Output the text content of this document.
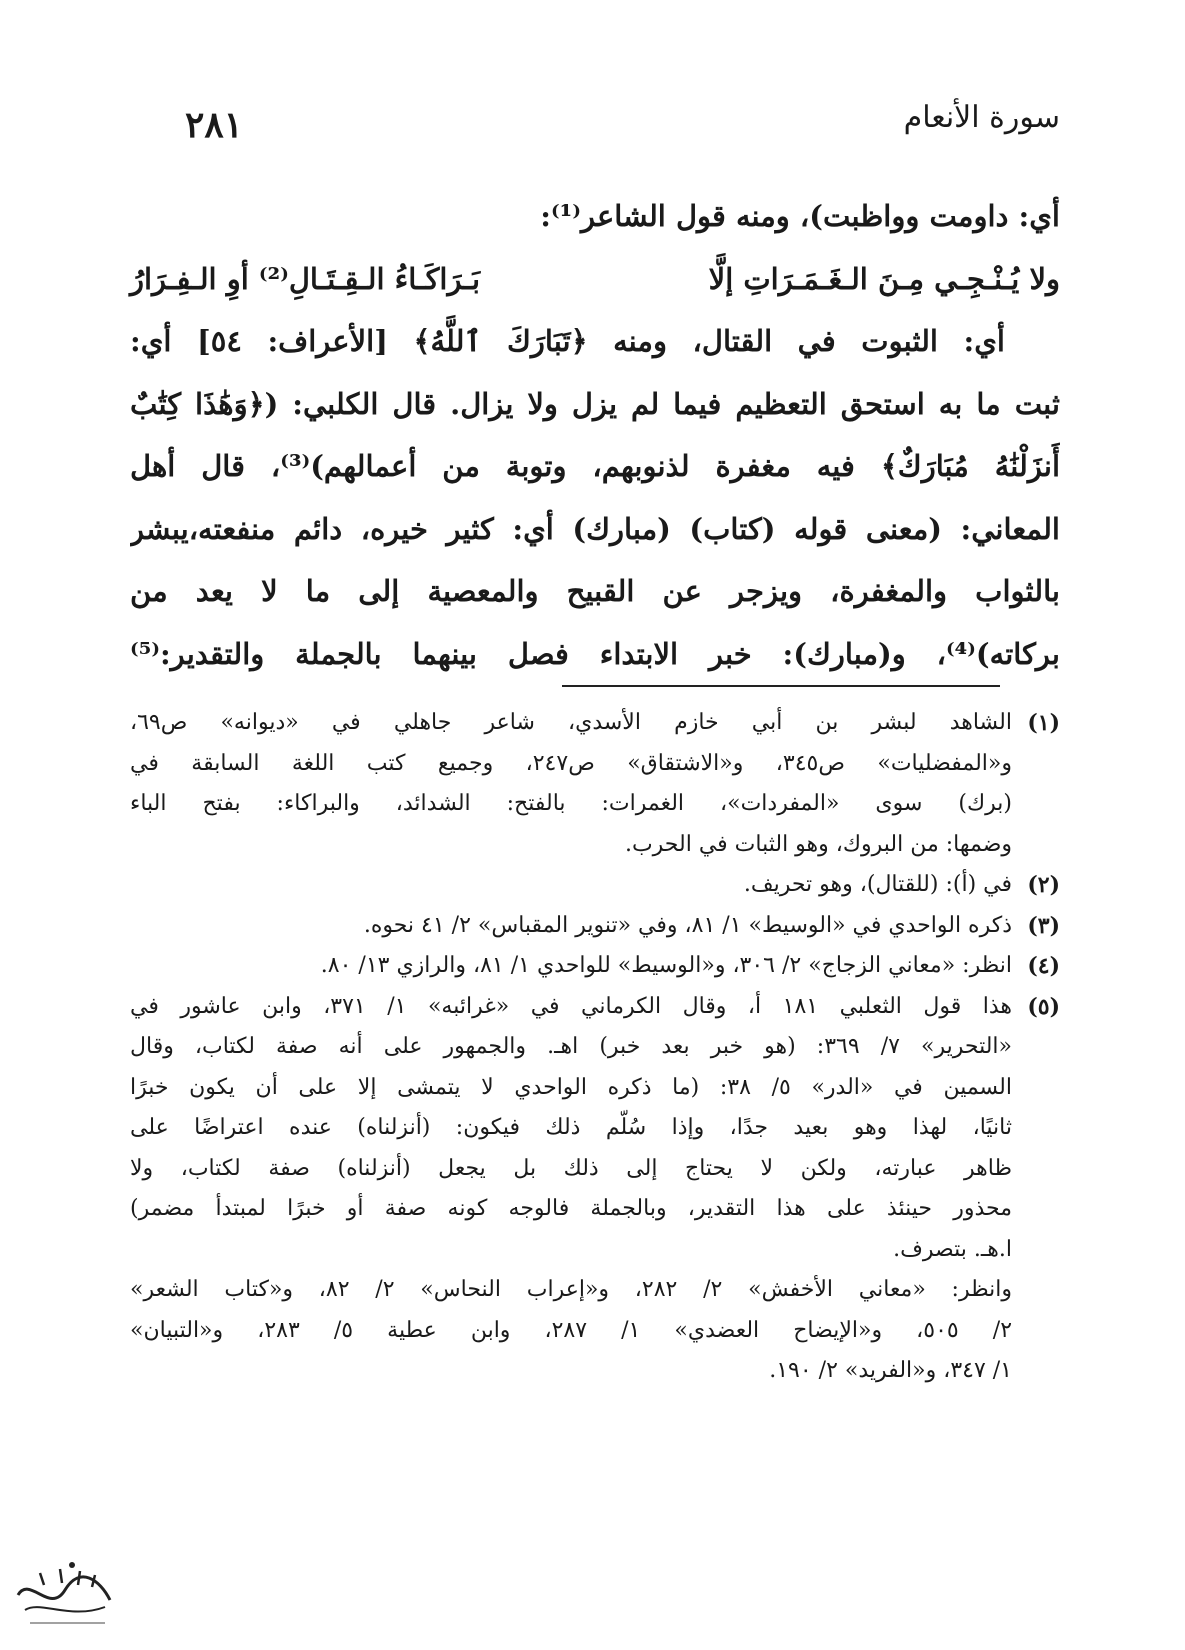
سورة الأنعام
٢٨١
أي: داومت وواظبت)، ومنه قول الشاعر⁽¹⁾:
ولا يُـنْـجِـي مِـنَ الـغَـمَـرَاتِ إلَّا
بَـرَاكَـاءُ الـقِـتَـالِ⁽²⁾ أوِ الـفِـرَارُ
أي: الثبوت في القتال، ومنه ﴿تَبَارَكَ ٱللَّهُ﴾ [الأعراف: ٥٤] أي:
ثبت ما به استحق التعظيم فيما لم يزل ولا يزال. قال الكلبي: (﴿وَهَٰذَا كِتَٰبٌ
أَنزَلْنَٰهُ مُبَارَكٌ﴾ فيه مغفرة لذنوبهم، وتوبة من أعمالهم)⁽³⁾، قال أهل
المعاني: (معنى قوله (كتاب) (مبارك) أي: كثير خيره، دائم منفعته،يبشر
بالثواب والمغفرة، ويزجر عن القبيح والمعصية إلى ما لا يعد من
بركاته)⁽⁴⁾، و(مبارك): خبر الابتداء فصل بينهما بالجملة والتقدير:⁽⁵⁾
(١)
الشاهد لبشر بن أبي خازم الأسدي، شاعر جاهلي في «ديوانه» ص٦٩،
و«المفضليات» ص٣٤٥، و«الاشتقاق» ص٢٤٧، وجميع كتب اللغة السابقة في
(برك) سوى «المفردات»، الغمرات: بالفتح: الشدائد، والبراكاء: بفتح الباء
وضمها: من البروك، وهو الثبات في الحرب.
(٢)
في (أ): (للقتال)، وهو تحريف.
(٣)
ذكره الواحدي في «الوسيط» ١/ ٨١، وفي «تنوير المقباس» ٢/ ٤١ نحوه.
(٤)
انظر: «معاني الزجاج» ٢/ ٣٠٦، و«الوسيط» للواحدي ١/ ٨١، والرازي ١٣/ ٨٠.
(٥)
هذا قول الثعلبي ١٨١ أ، وقال الكرماني في «غرائبه» ١/ ٣٧١، وابن عاشور في
«التحرير» ٧/ ٣٦٩: (هو خبر بعد خبر) اهـ. والجمهور على أنه صفة لكتاب، وقال
السمين في «الدر» ٥/ ٣٨: (ما ذكره الواحدي لا يتمشى إلا على أن يكون خبرًا
ثانيًا، لهذا وهو بعيد جدًا، وإذا سُلّم ذلك فيكون: (أنزلناه) عنده اعتراضًا على
ظاهر عبارته، ولكن لا يحتاج إلى ذلك بل يجعل (أنزلناه) صفة لكتاب، ولا
محذور حينئذ على هذا التقدير، وبالجملة فالوجه كونه صفة أو خبرًا لمبتدأ مضمر)
ا.هـ. بتصرف.
وانظر: «معاني الأخفش» ٢/ ٢٨٢، و«إعراب النحاس» ٢/ ٨٢، و«كتاب الشعر»
٢/ ٥٠٥، و«الإيضاح العضدي» ١/ ٢٨٧، وابن عطية ٥/ ٢٨٣، و«التبيان»
١/ ٣٤٧، و«الفريد» ٢/ ١٩٠.
